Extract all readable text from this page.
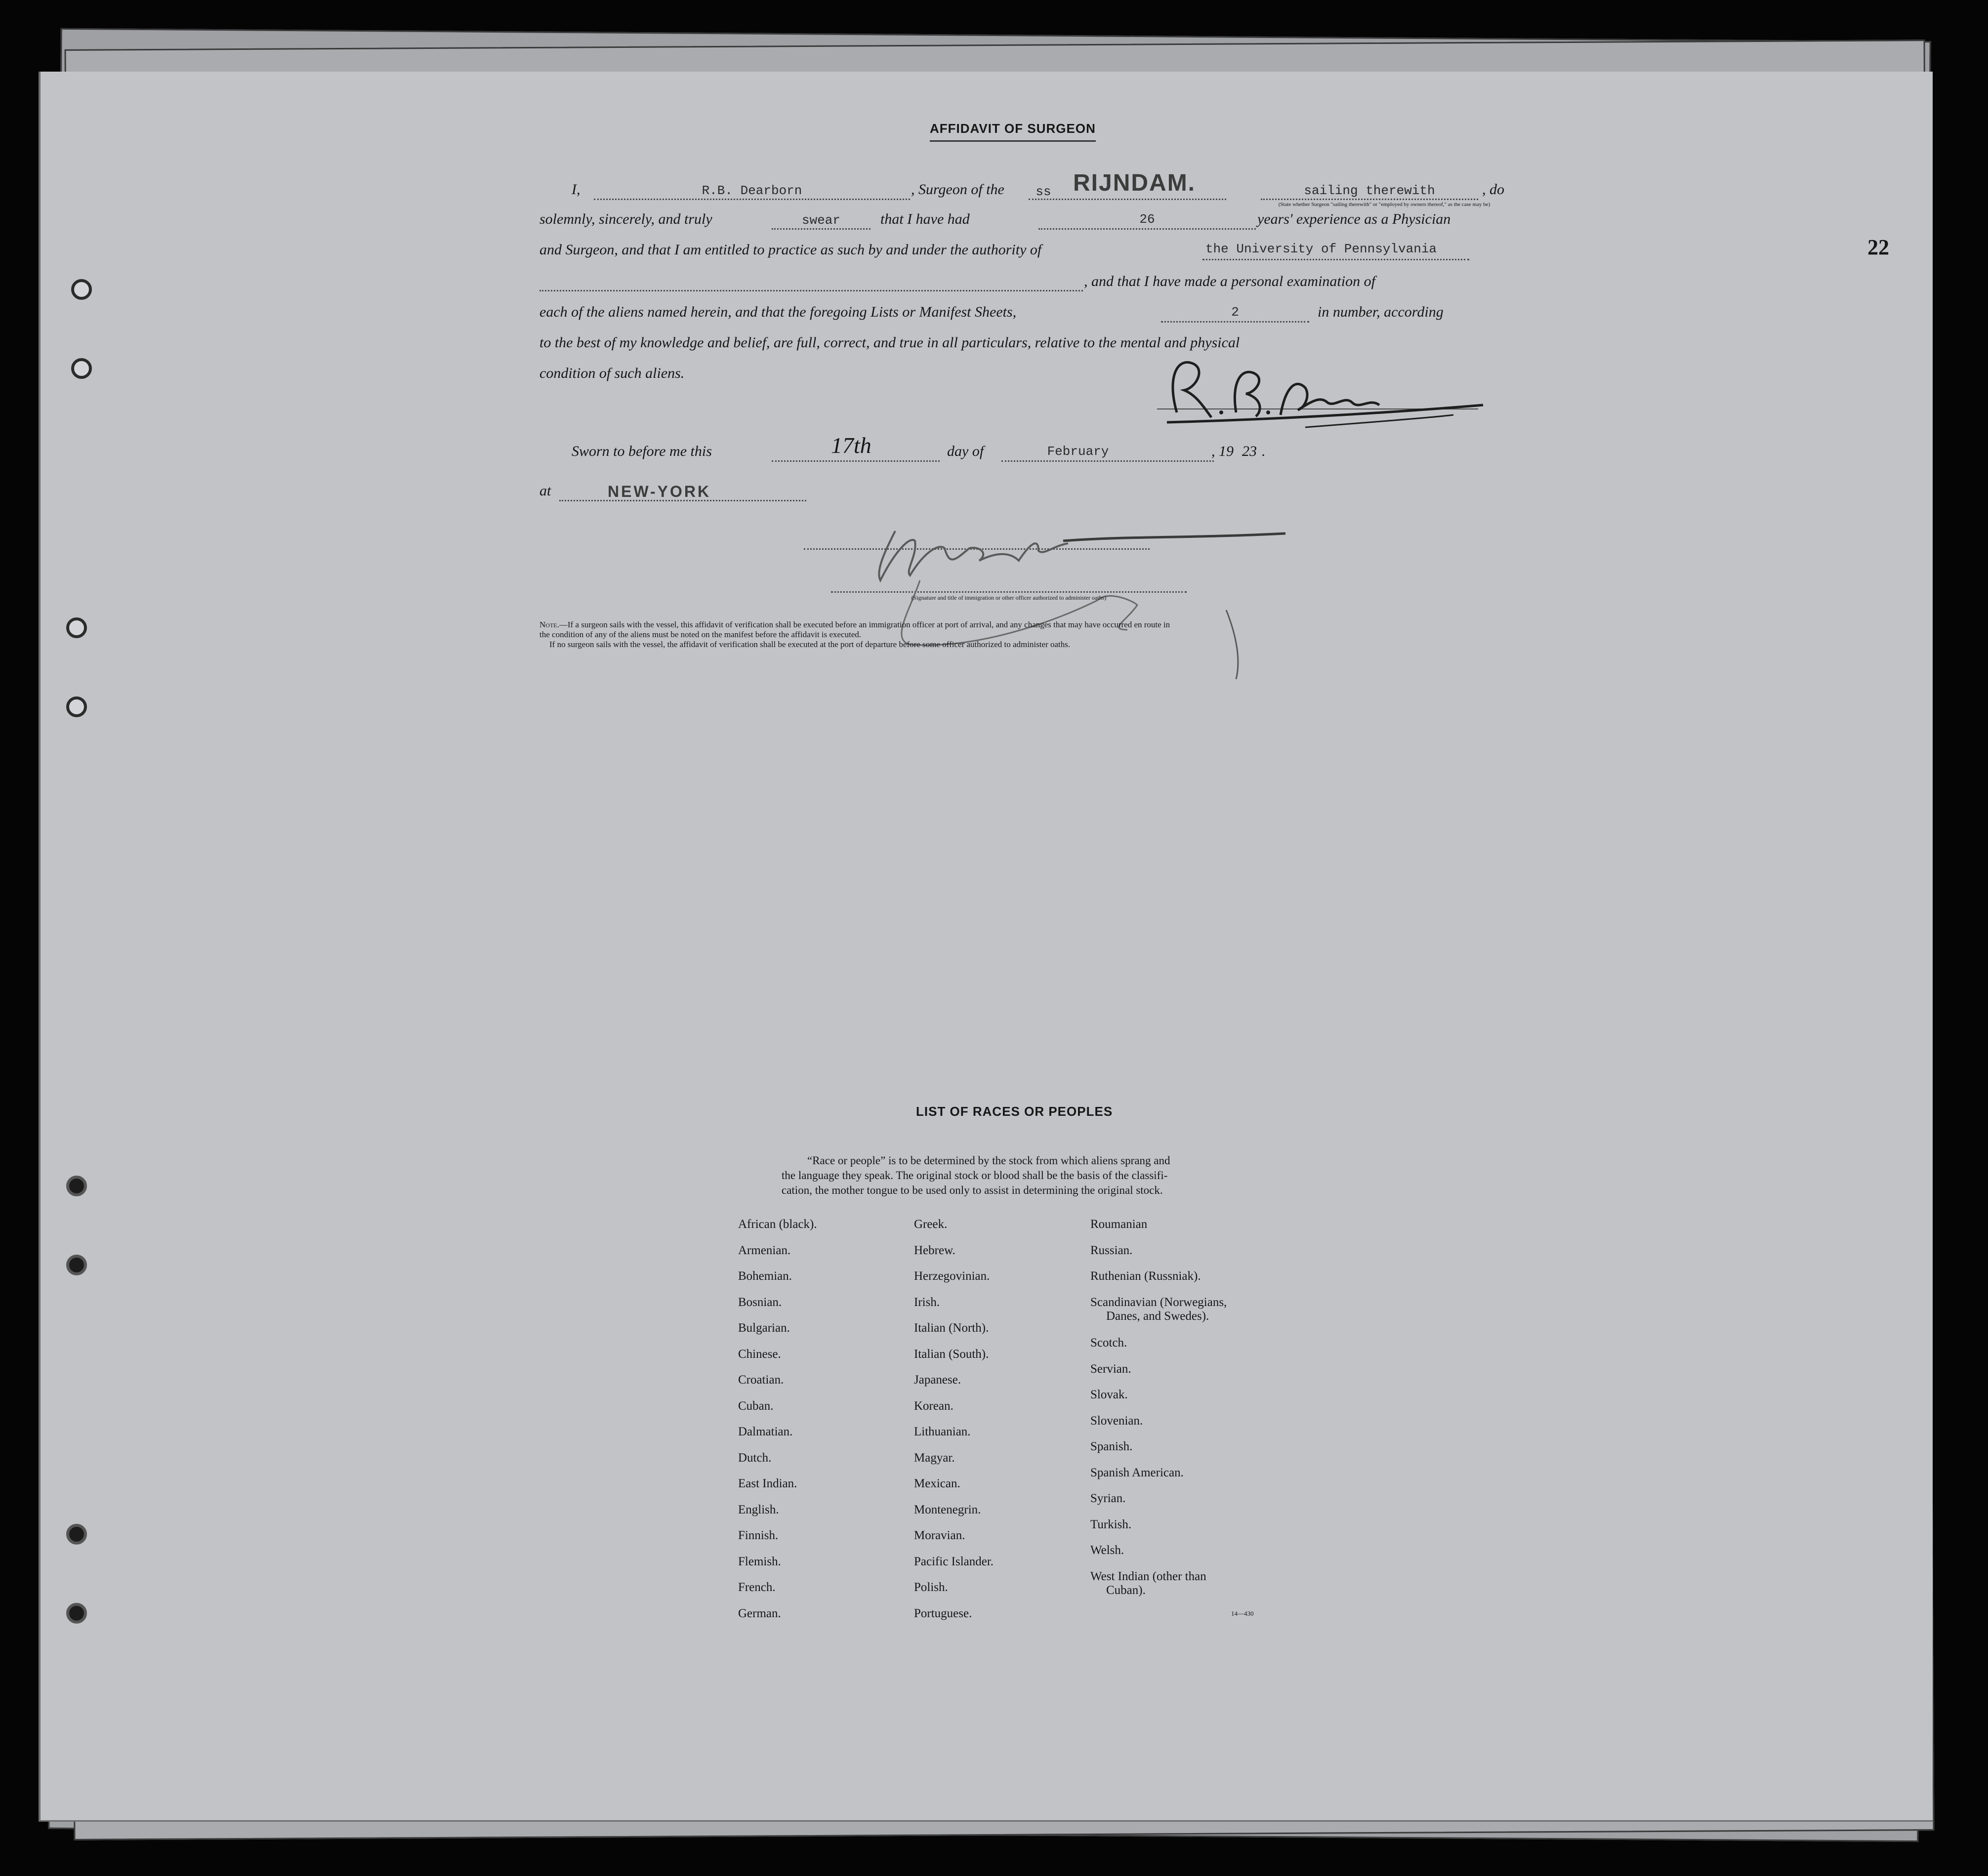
22
AFFIDAVIT OF SURGEON
I,	R.B. Dearborn	, Surgeon of the	ss RIJNDAM.	sailing therewith	, do
(State whether Surgeon "sailing therewith" or "employed by owners thereof," as the case may be)
solemnly, sincerely, and truly	swear	that I have had	26	years' experience as a Physician
and Surgeon, and that I am entitled to practice as such by and under the authority of	the University of Pennsylvania
, and that I have made a personal examination of
each of the aliens named herein, and that the foregoing Lists or Manifest Sheets,	2	in number, according
to the best of my knowledge and belief, are full, correct, and true in all particulars, relative to the mental and physical
condition of such aliens.
Sworn to before me this	17th	day of	February	, 19 23 .
at	NEW-YORK
(Signature and title of immigration or other officer authorized to administer oaths)
Note.—If a surgeon sails with the vessel, this affidavit of verification shall be executed before an immigration officer at port of arrival, and any changes that may have occurred en route in
the condition of any of the aliens must be noted on the manifest before the affidavit is executed.
If no surgeon sails with the vessel, the affidavit of verification shall be executed at the port of departure before some officer authorized to administer oaths.
LIST OF RACES OR PEOPLES
“Race or people” is to be determined by the stock from which aliens sprang and
the language they speak. The original stock or blood shall be the basis of the classifi-
cation, the mother tongue to be used only to assist in determining the original stock.
14—430
African (black).
Armenian.
Bohemian.
Bosnian.
Bulgarian.
Chinese.
Croatian.
Cuban.
Dalmatian.
Dutch.
East Indian.
English.
Finnish.
Flemish.
French.
German.
Greek.
Hebrew.
Herzegovinian.
Irish.
Italian (North).
Italian (South).
Japanese.
Korean.
Lithuanian.
Magyar.
Mexican.
Montenegrin.
Moravian.
Pacific Islander.
Polish.
Portuguese.
Roumanian
Russian.
Ruthenian (Russniak).
Scandinavian (Norwegians,
Danes, and Swedes).
Scotch.
Servian.
Slovak.
Slovenian.
Spanish.
Spanish American.
Syrian.
Turkish.
Welsh.
West Indian (other than
Cuban).
